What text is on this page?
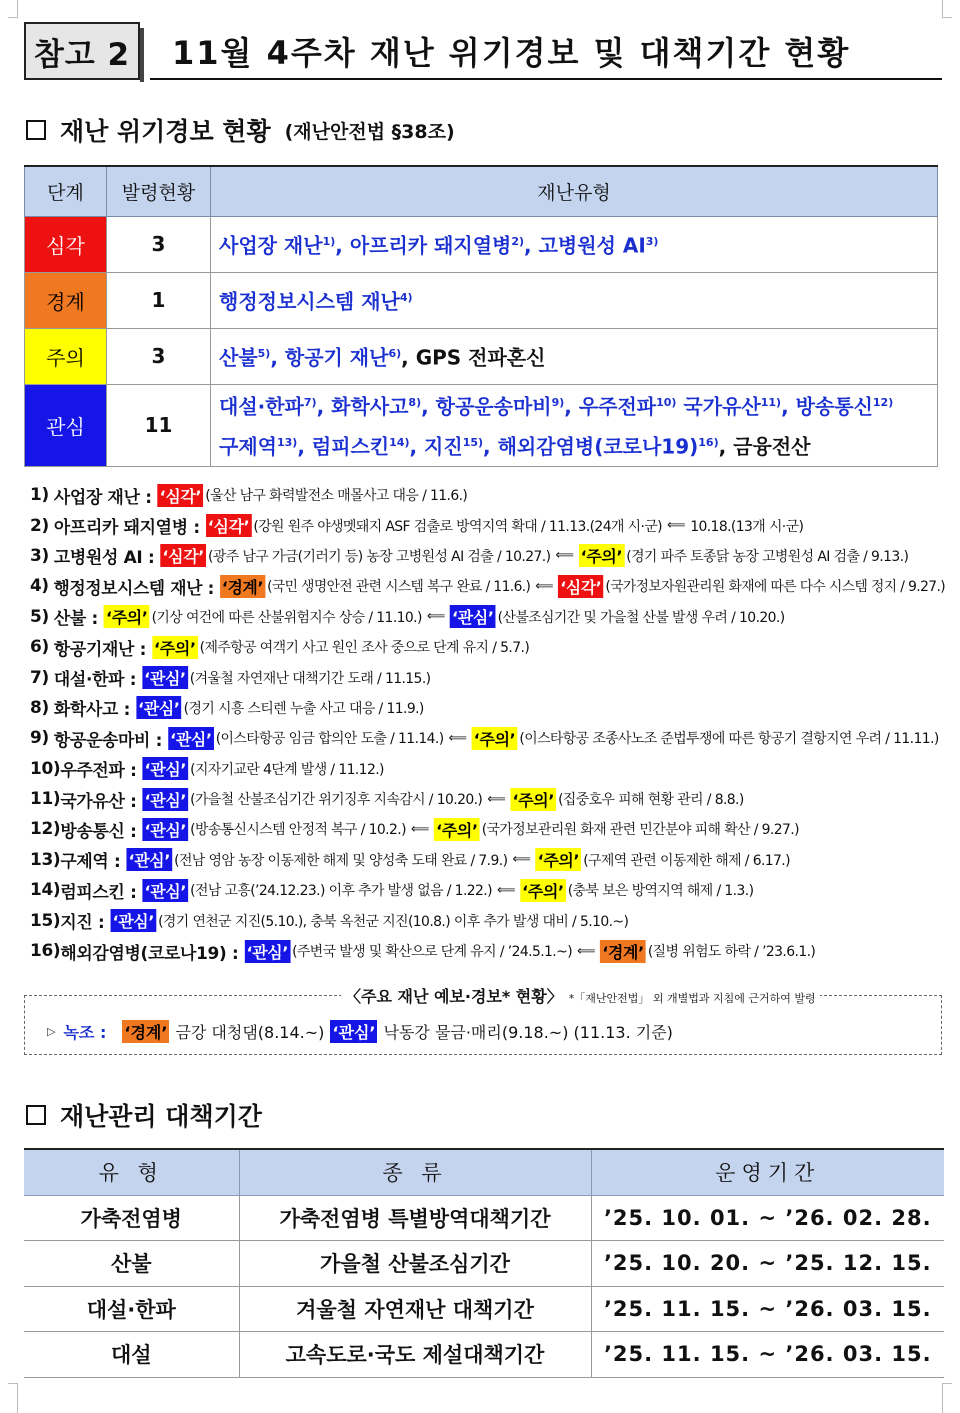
참고 2	11월 4주차 재난 위기경보 및 대책기간 현황
재난 위기경보 현황 (재난안전법 §38조)
단계	발령현황	재난유형
심각	3	사업장 재난$^{1)}$, 아프리카 돼지열병$^{2)}$, 고병원성 AI$^{3)}$
경계	1	행정정보시스템 재난$^{4)}$
주의	3	산불$^{5)}$, 항공기 재난$^{6)}$, GPS 전파혼신
관심	11	대설·한파$^{7)}$, 화학사고$^{8)}$, 항공운송마비$^{9)}$, 우주전파$^{10)}$ 국가유산$^{11)}$, 방송통신$^{12)}$
구제역$^{13)}$, 럼피스킨$^{14)}$, 지진$^{15)}$, 해외감염병(코로나19)$^{16)}$, 금융전산
1) 사업장 재난 : ‘심각’ (울산 남구 화력발전소 매몰사고 대응 / 11.6.)
2) 아프리카 돼지열병 : ‘심각’ (강원 원주 야생멧돼지 ASF 검출로 방역지역 확대 / 11.13.(24개 시·군) ⟸ 10.18.(13개 시·군)
3) 고병원성 AI : ‘심각’ (광주 남구 가금(기러기 등) 농장 고병원성 AI 검출 / 10.27.) ⟸ ‘주의’ (경기 파주 토종닭 농장 고병원성 AI 검출 / 9.13.)
4) 행정정보시스템 재난 : ‘경계’ (국민 생명안전 관련 시스템 복구 완료 / 11.6.) ⟸ ‘심각’ (국가정보자원관리원 화재에 따른 다수 시스템 정지 / 9.27.)
5) 산불 : ‘주의’ (기상 여건에 따른 산불위험지수 상승 / 11.10.) ⟸ ‘관심’ (산불조심기간 및 가을철 산불 발생 우려 / 10.20.)
6) 항공기재난 : ‘주의’ (제주항공 여객기 사고 원인 조사 중으로 단계 유지 / 5.7.)
7) 대설·한파 : ‘관심’ (겨울철 자연재난 대책기간 도래 / 11.15.)
8) 화학사고 : ‘관심’ (경기 시흥 스티렌 누출 사고 대응 / 11.9.)
9) 항공운송마비 : ‘관심’ (이스타항공 임금 합의안 도출 / 11.14.) ⟸ ‘주의’ (이스타항공 조종사노조 준법투쟁에 따른 항공기 결항지연 우려 / 11.11.)
10) 우주전파 : ‘관심’ (지자기교란 4단계 발생 / 11.12.)
11) 국가유산 : ‘관심’ (가을철 산불조심기간 위기징후 지속감시 / 10.20.) ⟸ ‘주의’ (집중호우 피해 현황 관리 / 8.8.)
12) 방송통신 : ‘관심’ (방송통신시스템 안정적 복구 / 10.2.) ⟸ ‘주의’ (국가정보관리원 화재 관련 민간분야 피해 확산 / 9.27.)
13) 구제역 : ‘관심’ (전남 영암 농장 이동제한 해제 및 양성축 도태 완료 / 7.9.) ⟸ ‘주의’ (구제역 관련 이동제한 해제 / 6.17.)
14) 럼피스킨 : ‘관심’ (전남 고흥(’24.12.23.) 이후 추가 발생 없음 / 1.22.) ⟸ ‘주의’ (충북 보은 방역지역 해제 / 1.3.)
15) 지진 : ‘관심’ (경기 연천군 지진(5.10.), 충북 옥천군 지진(10.8.) 이후 추가 발생 대비 / 5.10.~)
16) 해외감염병(코로나19) : ‘관심’ (주변국 발생 및 확산으로 단계 유지 / ’24.5.1.~) ⟸ ‘경계’ (질병 위험도 하락 / ’23.6.1.)
〈주요 재난 예보·경보* 현황〉 *「재난안전법」 외 개별법과 지침에 근거하여 발령
▷ 녹조 : ‘경계’ 금강 대청댐(8.14.~) ‘관심’ 낙동강 물금·매리(9.18.~) (11.13. 기준)
재난관리 대책기간
유 형	종 류	운영기간
가축전염병	가축전염병 특별방역대책기간	’25. 10. 01. ~ ’26. 02. 28.
산불	가을철 산불조심기간	’25. 10. 20. ~ ’25. 12. 15.
대설·한파	겨울철 자연재난 대책기간	’25. 11. 15. ~ ’26. 03. 15.
대설	고속도로·국도 제설대책기간	’25. 11. 15. ~ ’26. 03. 15.
